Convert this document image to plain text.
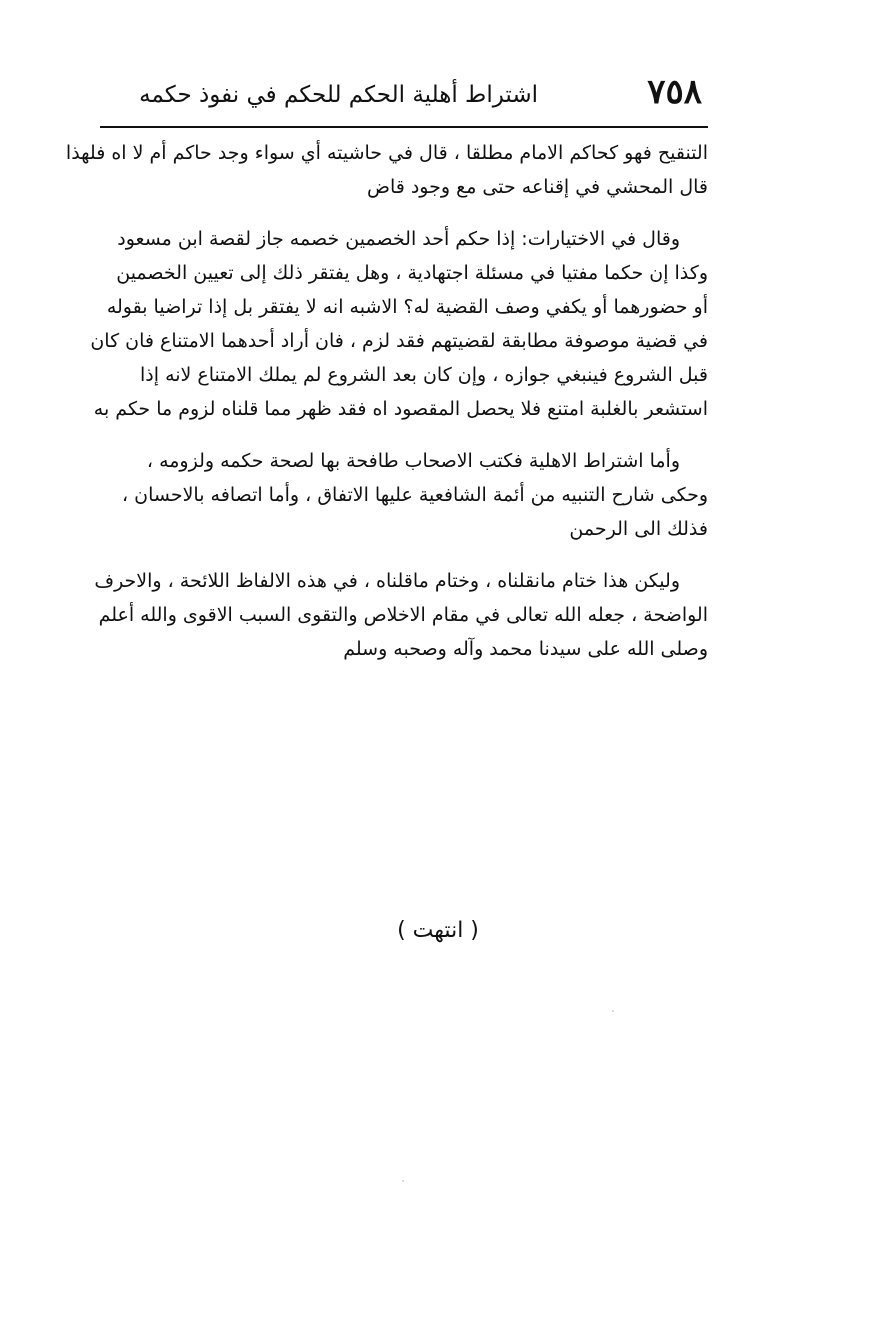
٧٥٨
اشتراط أهلية الحكم للحكم في نفوذ حكمه
التنقيح فهو كحاكم الامام مطلقا ، قال في حاشيته أي سواء وجد حاكم أم لا اه فلهذا
قال المحشي في إقناعه حتى مع وجود قاض
وقال في الاختيارات: إذا حكم أحد الخصمين خصمه جاز لقصة ابن مسعود
وكذا إن حكما مفتيا في مسئلة اجتهادية ، وهل يفتقر ذلك إلى تعيين الخصمين
أو حضورهما أو يكفي وصف القضية له؟ الاشبه انه لا يفتقر بل إذا تراضيا بقوله
في قضية موصوفة مطابقة لقضيتهم فقد لزم ، فان أراد أحدهما الامتناع فان كان
قبل الشروع فينبغي جوازه ، وإن كان بعد الشروع لم يملك الامتناع لانه إذا
استشعر بالغلبة امتنع فلا يحصل المقصود اه فقد ظهر مما قلناه لزوم ما حكم به
وأما اشتراط الاهلية فكتب الاصحاب طافحة بها لصحة حكمه ولزومه ،
وحكى شارح التنبيه من أئمة الشافعية عليها الاتفاق ، وأما اتصافه بالاحسان ،
فذلك الى الرحمن
وليكن هذا ختام مانقلناه ، وختام ماقلناه ، في هذه الالفاظ اللائحة ، والاحرف
الواضحة ، جعله الله تعالى في مقام الاخلاص والتقوى السبب الاقوى والله أعلم
وصلى الله على سيدنا محمد وآله وصحبه وسلم
( انتهت )
